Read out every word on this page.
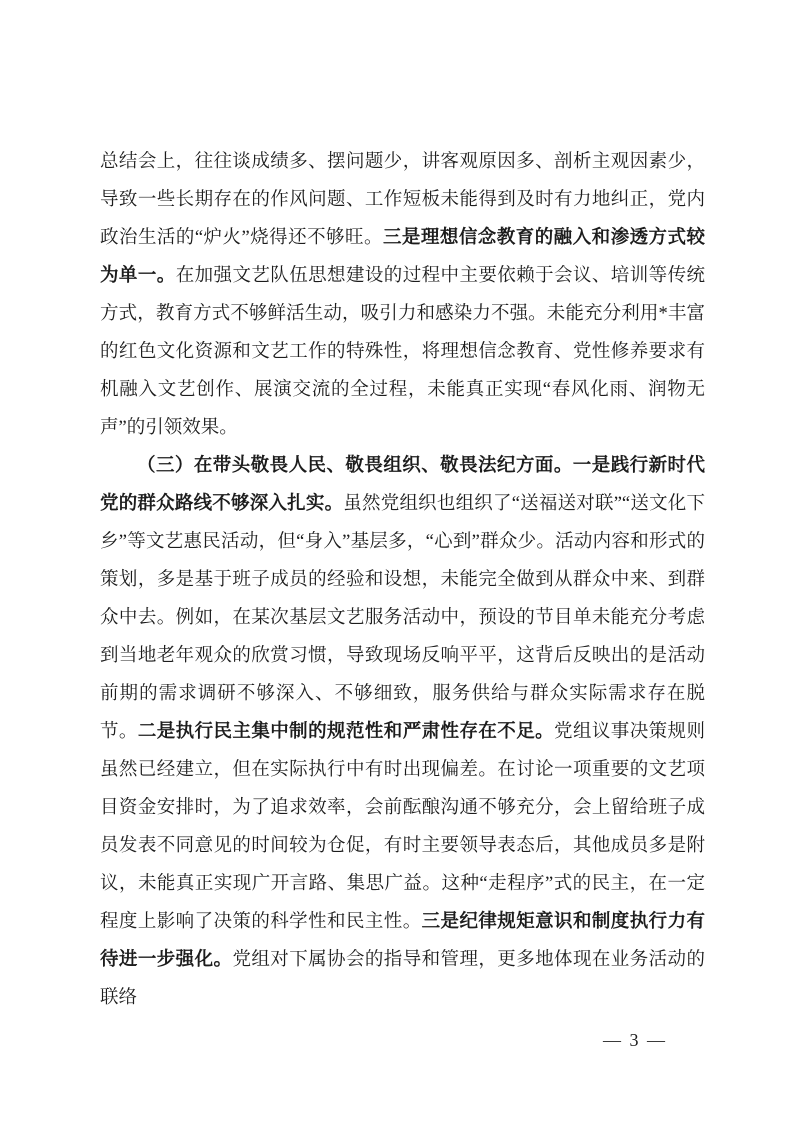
总结会上，往往谈成绩多、摆问题少，讲客观原因多、剖析主观因素少，导致一些长期存在的作风问题、工作短板未能得到及时有力地纠正，党内政治生活的“炉火”烧得还不够旺。三是理想信念教育的融入和渗透方式较为单一。在加强文艺队伍思想建设的过程中主要依赖于会议、培训等传统方式，教育方式不够鲜活生动，吸引力和感染力不强。未能充分利用*丰富的红色文化资源和文艺工作的特殊性，将理想信念教育、党性修养要求有机融入文艺创作、展演交流的全过程，未能真正实现“春风化雨、润物无声”的引领效果。

（三）在带头敬畏人民、敬畏组织、敬畏法纪方面。一是践行新时代党的群众路线不够深入扎实。虽然党组织也组织了“送福送对联”“送文化下乡”等文艺惠民活动，但“身入”基层多，“心到”群众少。活动内容和形式的策划，多是基于班子成员的经验和设想，未能完全做到从群众中来、到群众中去。例如，在某次基层文艺服务活动中，预设的节目单未能充分考虑到当地老年观众的欣赏习惯，导致现场反响平平，这背后反映出的是活动前期的需求调研不够深入、不够细致，服务供给与群众实际需求存在脱节。二是执行民主集中制的规范性和严肃性存在不足。党组议事决策规则虽然已经建立，但在实际执行中有时出现偏差。在讨论一项重要的文艺项目资金安排时，为了追求效率，会前酝酿沟通不够充分，会上留给班子成员发表不同意见的时间较为仓促，有时主要领导表态后，其他成员多是附议，未能真正实现广开言路、集思广益。这种“走程序”式的民主，在一定程度上影响了决策的科学性和民主性。三是纪律规矩意识和制度执行力有待进一步强化。党组对下属协会的指导和管理，更多地体现在业务活动的联络

— 3 —
